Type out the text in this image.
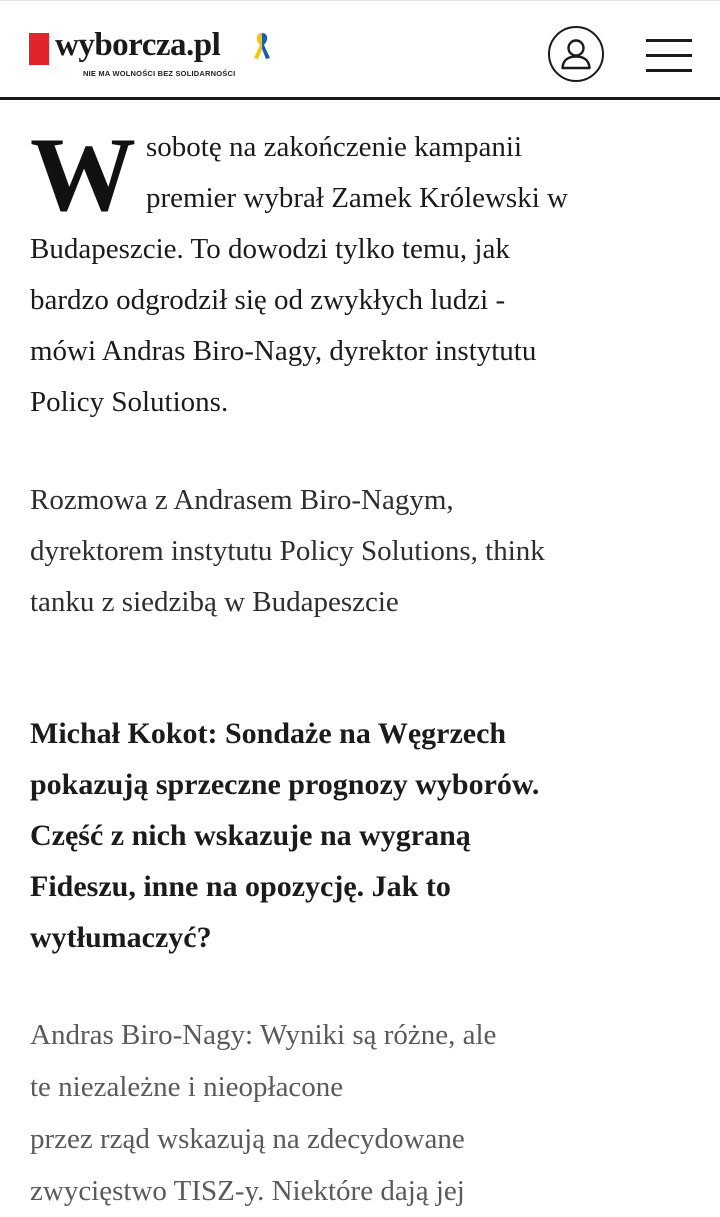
wyborcza.pl
NIE MA WOLNOŚCI BEZ SOLIDARNOŚCI
W sobotę na zakończenie kampanii
premier wybrał Zamek Królewski w
Budapeszcie. To dowodzi tylko temu, jak
bardzo odgrodził się od zwykłych ludzi -
mówi Andras Biro-Nagy, dyrektor instytutu
Policy Solutions.
Rozmowa z Andrasem Biro-Nagym,
dyrektorem instytutu Policy Solutions, think
tanku z siedzibą w Budapeszcie
Michał Kokot: Sondaże na Węgrzech
pokazują sprzeczne prognozy wyborów.
Część z nich wskazuje na wygraną
Fideszu, inne na opozycję. Jak to
wytłumaczyć?
Andras Biro-Nagy: Wyniki są różne, ale
te niezależne i nieopłacone
przez rząd wskazują na zdecydowane
zwycięstwo TISZ-y. Niektóre dają jej
